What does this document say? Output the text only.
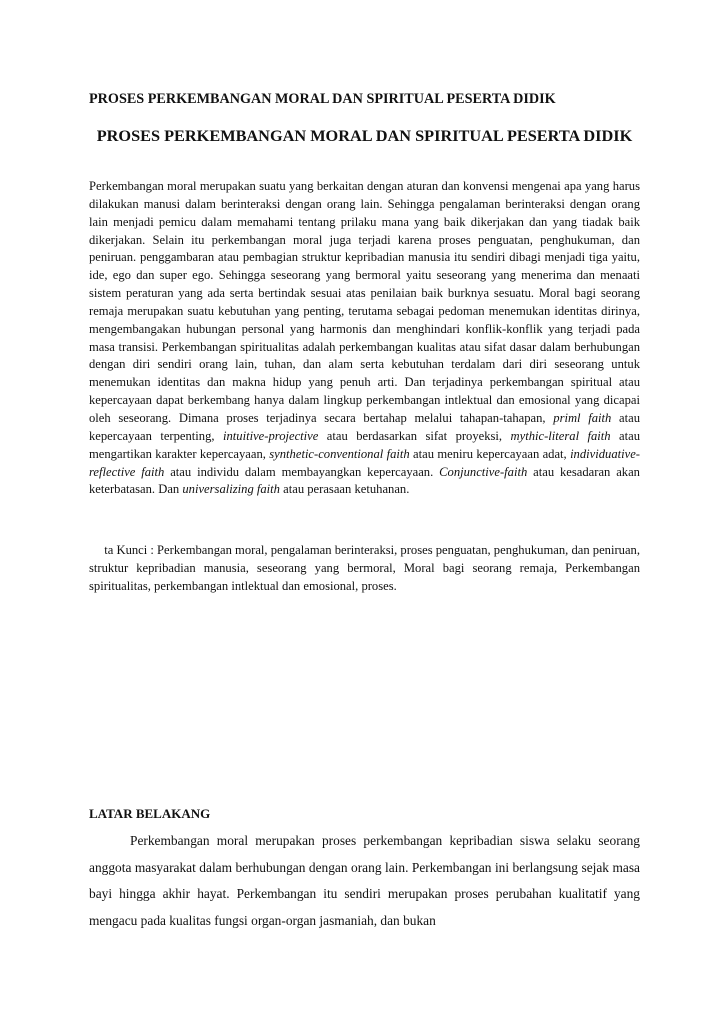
PROSES PERKEMBANGAN MORAL DAN SPIRITUAL PESERTA DIDIK
PROSES PERKEMBANGAN MORAL DAN SPIRITUAL PESERTA DIDIK
Perkembangan moral merupakan suatu yang berkaitan dengan aturan dan konvensi mengenai apa yang harus dilakukan manusi dalam berinteraksi dengan orang lain. Sehingga pengalaman berinteraksi dengan orang lain menjadi pemicu dalam memahami tentang prilaku mana yang baik dikerjakan dan yang tiadak baik dikerjakan. Selain itu perkembangan moral juga terjadi karena proses penguatan, penghukuman, dan peniruan. penggambaran atau pembagian struktur kepribadian manusia itu sendiri dibagi menjadi tiga yaitu, ide, ego dan super ego. Sehingga seseorang yang bermoral yaitu seseorang yang menerima dan menaati sistem peraturan yang ada serta bertindak sesuai atas penilaian baik burknya sesuatu. Moral bagi seorang remaja merupakan suatu kebutuhan yang penting, terutama sebagai pedoman menemukan identitas dirinya, mengembangakan hubungan personal yang harmonis dan menghindari konflik-konflik yang terjadi pada masa transisi. Perkembangan spiritualitas adalah perkembangan kualitas atau sifat dasar dalam berhubungan dengan diri sendiri orang lain, tuhan, dan alam serta kebutuhan terdalam dari diri seseorang untuk menemukan identitas dan makna hidup yang penuh arti. Dan terjadinya perkembangan spiritual atau kepercayaan dapat berkembang hanya dalam lingkup perkembangan intlektual dan emosional yang dicapai oleh seseorang. Dimana proses terjadinya secara bertahap melalui tahapan-tahapan, priml faith atau kepercayaan terpenting, intuitive-projective atau berdasarkan sifat proyeksi, mythic-literal faith atau mengartikan karakter kepercayaan, synthetic-conventional faith atau meniru kepercayaan adat, individuative- reflective faith atau individu dalam membayangkan kepercayaan. Conjunctive-faith atau kesadaran akan keterbatasan. Dan universalizing faith atau perasaan ketuhanan.
ta Kunci : Perkembangan moral, pengalaman berinteraksi, proses penguatan, penghukuman, dan peniruan,
struktur kepribadian manusia, seseorang yang bermoral, Moral bagi seorang remaja, Perkembangan spiritualitas, perkembangan intlektual dan emosional, proses.
LATAR BELAKANG
Perkembangan moral merupakan proses perkembangan kepribadian siswa selaku seorang anggota masyarakat dalam berhubungan dengan orang lain. Perkembangan ini berlangsung sejak masa bayi hingga akhir hayat. Perkembangan itu sendiri merupakan proses perubahan kualitatif yang mengacu pada kualitas fungsi organ-organ jasmaniah, dan bukan
